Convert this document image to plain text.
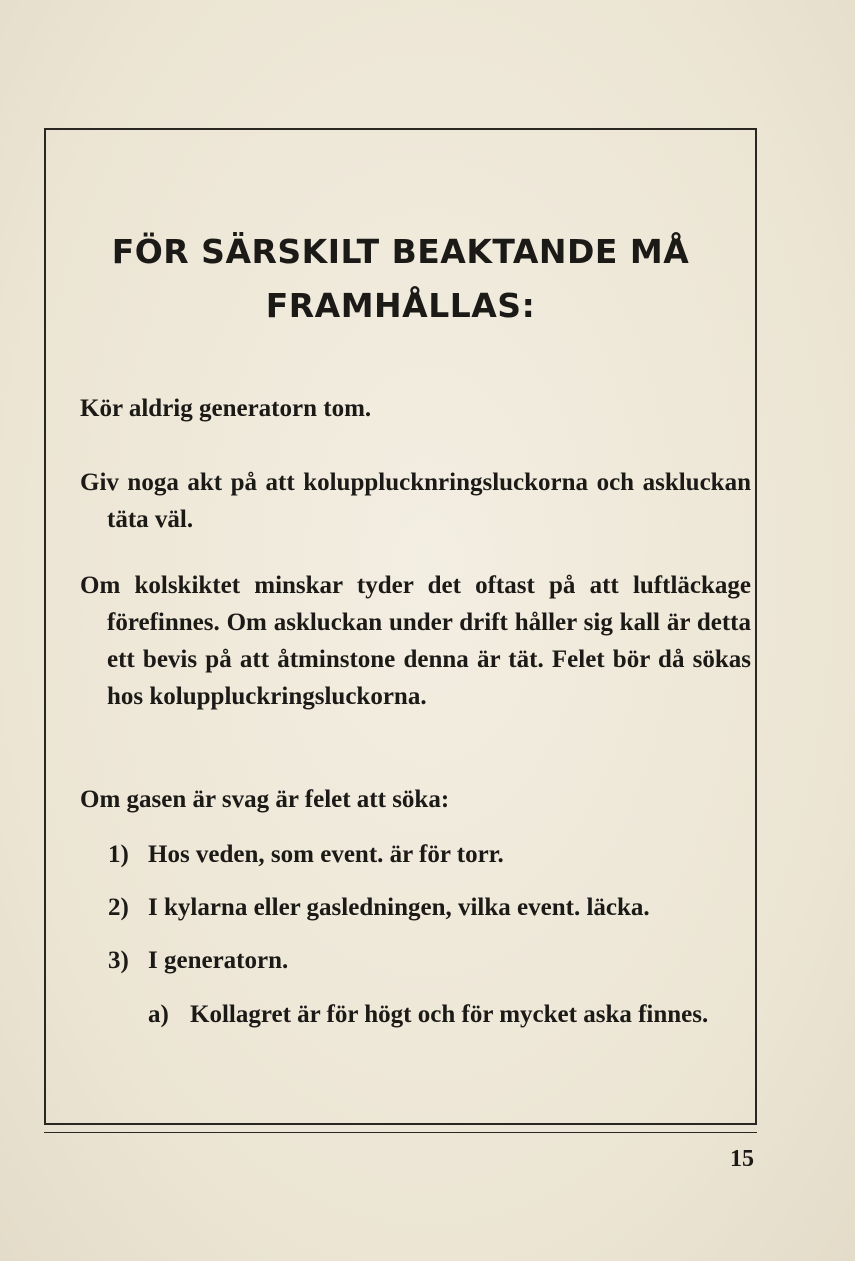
FÖR SÄRSKILT BEAKTANDE MÅ
FRAMHÅLLAS:

Kör aldrig generatorn tom.

Giv noga akt på att kolupplucknringsluckorna och askluckan täta väl.

Om kolskiktet minskar tyder det oftast på att luftläckage förefinnes. Om askluckan under drift håller sig kall är detta ett bevis på att åtminstone denna är tät. Felet bör då sökas hos koluppluckringsluckorna.

Om gasen är svag är felet att söka:

1) Hos veden, som event. är för torr.
2) I kylarna eller gasledningen, vilka event. läcka.
3) I generatorn.
a) Kollagret är för högt och för mycket aska finnes.
15
